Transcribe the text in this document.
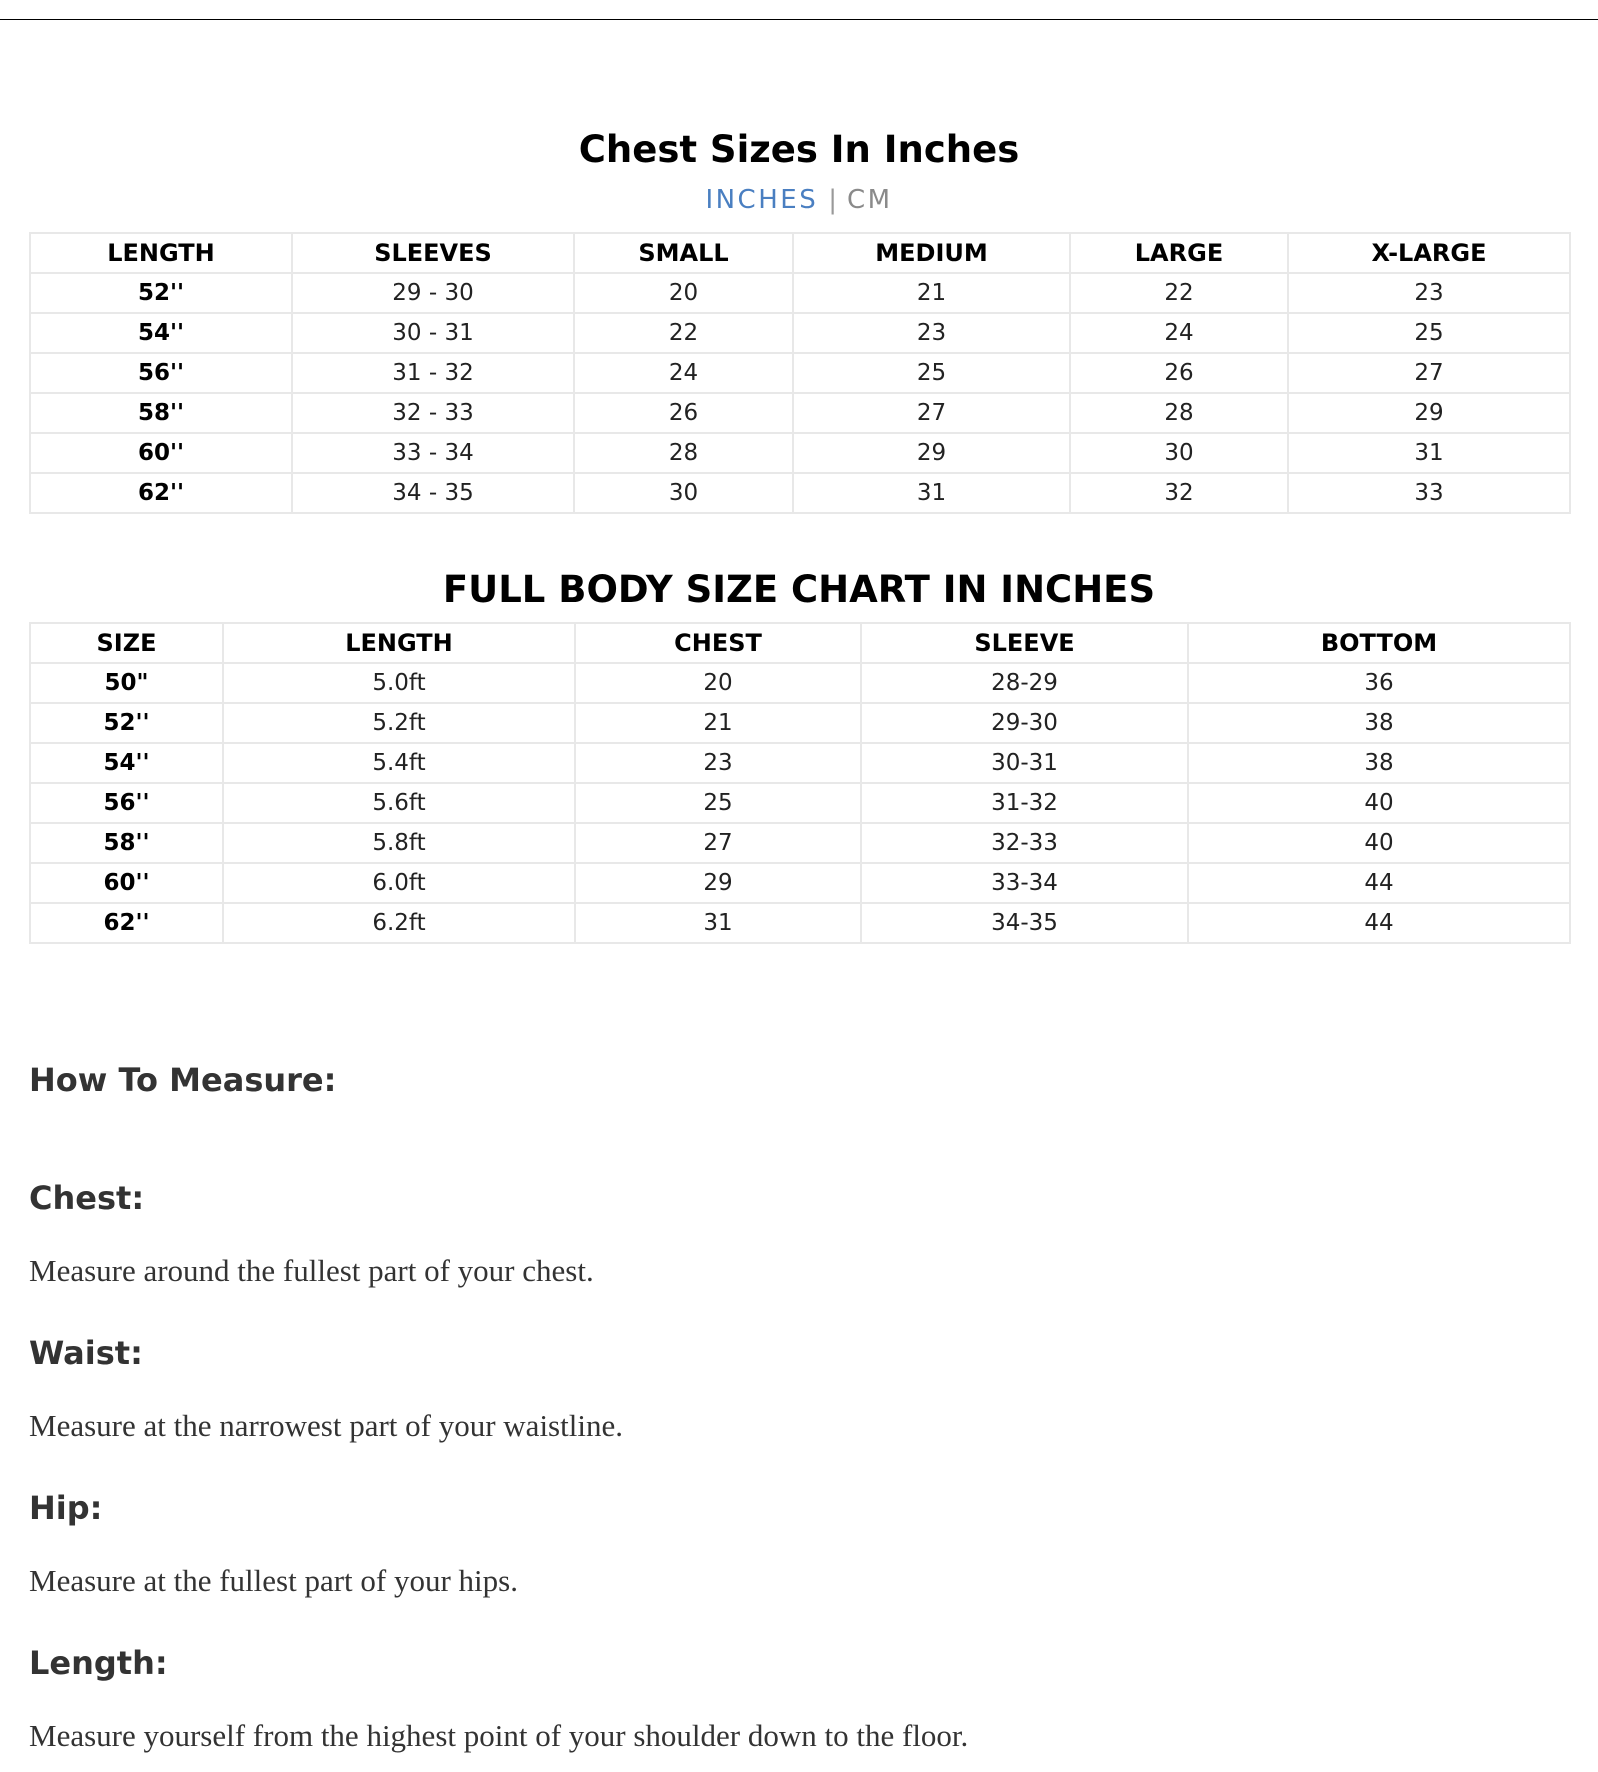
Chest Sizes In Inches
INCHES | CM
LENGTH	SLEEVES	SMALL	MEDIUM	LARGE	X-LARGE
52''	29 - 30	20	21	22	23
54''	30 - 31	22	23	24	25
56''	31 - 32	24	25	26	27
58''	32 - 33	26	27	28	29
60''	33 - 34	28	29	30	31
62''	34 - 35	30	31	32	33
FULL BODY SIZE CHART IN INCHES
SIZE	LENGTH	CHEST	SLEEVE	BOTTOM
50"	5.0ft	20	28-29	36
52''	5.2ft	21	29-30	38
54''	5.4ft	23	30-31	38
56''	5.6ft	25	31-32	40
58''	5.8ft	27	32-33	40
60''	6.0ft	29	33-34	44
62''	6.2ft	31	34-35	44
How To Measure:
Chest:

Measure around the fullest part of your chest.

Waist:

Measure at the narrowest part of your waistline.

Hip:

Measure at the fullest part of your hips.

Length:

Measure yourself from the highest point of your shoulder down to the floor.
